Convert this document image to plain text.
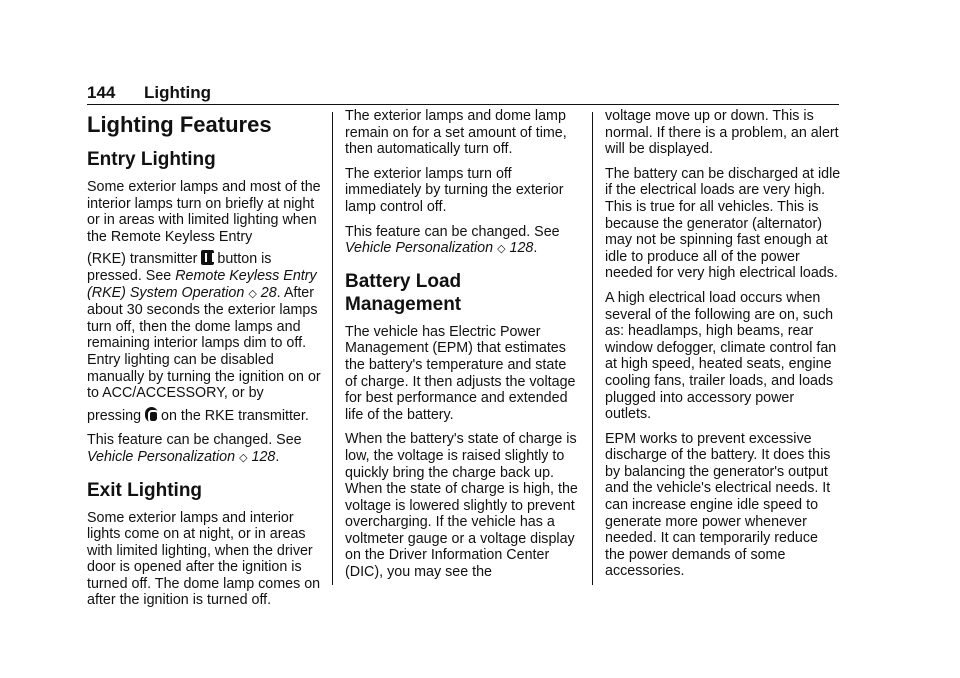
144 Lighting
Lighting Features
Entry Lighting

Some exterior lamps and most of the interior lamps turn on briefly at night or in areas with limited lighting when the Remote Keyless Entry
(RKE) transmitter button is pressed. See Remote Keyless Entry (RKE) System Operation ◇ 28. After about 30 seconds the exterior lamps turn off, then the dome lamps and remaining interior lamps dim to off. Entry lighting can be disabled manually by turning the ignition on or to ACC/ACCESSORY, or by
pressing on the RKE transmitter.

This feature can be changed. See Vehicle Personalization ◇ 128.

Exit Lighting

Some exterior lamps and interior lights come on at night, or in areas with limited lighting, when the driver door is opened after the ignition is turned off. The dome lamp comes on after the ignition is turned off.

The exterior lamps and dome lamp remain on for a set amount of time, then automatically turn off.

The exterior lamps turn off immediately by turning the exterior lamp control off.

This feature can be changed. See Vehicle Personalization ◇ 128.

Battery Load Management

The vehicle has Electric Power Management (EPM) that estimates the battery's temperature and state of charge. It then adjusts the voltage for best performance and extended life of the battery.

When the battery's state of charge is low, the voltage is raised slightly to quickly bring the charge back up. When the state of charge is high, the voltage is lowered slightly to prevent overcharging. If the vehicle has a voltmeter gauge or a voltage display on the Driver Information Center (DIC), you may see the

voltage move up or down. This is normal. If there is a problem, an alert will be displayed.

The battery can be discharged at idle if the electrical loads are very high. This is true for all vehicles. This is because the generator (alternator) may not be spinning fast enough at idle to produce all of the power needed for very high electrical loads.

A high electrical load occurs when several of the following are on, such as: headlamps, high beams, rear window defogger, climate control fan at high speed, heated seats, engine cooling fans, trailer loads, and loads plugged into accessory power outlets.

EPM works to prevent excessive discharge of the battery. It does this by balancing the generator's output and the vehicle's electrical needs. It can increase engine idle speed to generate more power whenever needed. It can temporarily reduce the power demands of some accessories.
